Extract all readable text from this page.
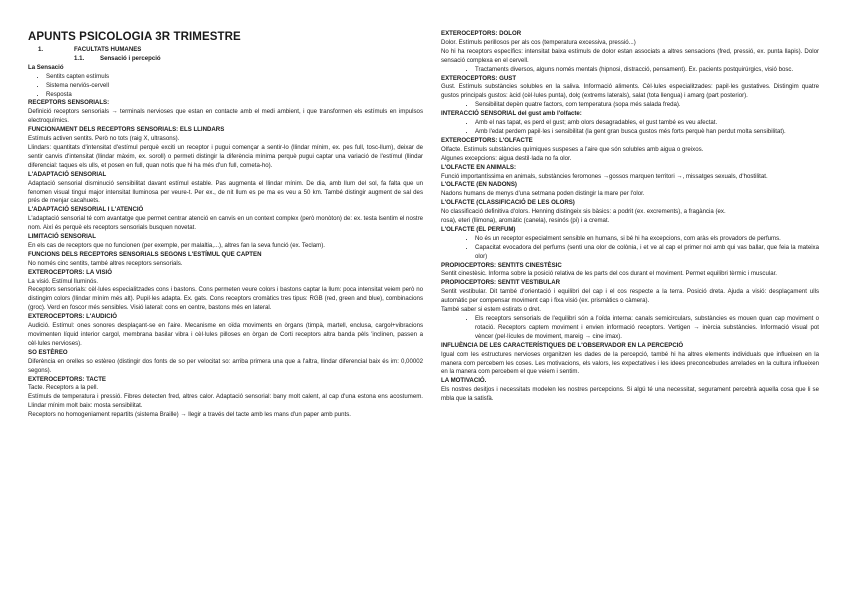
APUNTS PSICOLOGIA 3R TRIMESTRE
1.	FACULTATS HUMANES
1.1.	Sensació i percepció
La Sensació
• Sentits capten estímuls
• Sistema nerviós-cervell
• Resposta
RECEPTORS SENSORIALS:
Definició receptors sensorials → terminals nervioses que estan en contacte amb el medi ambient, i que transformen els estímuls en impulsos electroquímics.
FUNCIONAMENT DELS RECEPTORS SENSORIALS: ELS LLINDARS
Estímuls activen sentits. Però no tots (raig X, ultrasons).
Llindars: quantitats d'intensitat d'estímul perquè exciti un receptor i pugui començar a sentir-lo (llindar mínim, ex. pes full, tosc-llum), deixar de sentir canvis d'intensitat (llindar màxim, ex. soroll) o permeti distingir la diferència mínima perquè pugui captar una variació de l'estímul (llindar diferencial: taques els ulls, et posen en full, quan notis que hi ha més d'un full, cometa-ho).
L'ADAPTACIÓ SENSORIAL
Adaptació sensorial disminució sensibilitat davant estímul estable. Pas augmenta el llindar mínim. De dia, amb llum del sol, fa falta que un fenomen visual tingui major intensitat lluminosa per veure-t. Per ex., de nit llum es pe ma es veu a 50 km. També distingir augment de sal des prés de menjar cacahuets.
L'ADAPTACIÓ SENSORIAL I L'ATENCIÓ
L'adaptació sensorial té com avantatge que permet centrar atenció en canvis en un context complex (però monòton) de: ex. testa lsentim el nostre nom. Així és perquè els receptors sensorials busquen novetat.
LIMITACIÓ SENSORIAL
En els cas de receptors que no funcionen (per exemple, per malaltia,...), altres fan la seva funció (ex. Teclam).
FUNCIONS DELS RECEPTORS SENSORIALS SEGONS L'ESTÍMUL QUE CAPTEN
No només cinc sentits, també altres receptors sensorials.
EXTEROCEPTORS: LA VISIÓ
La visió. Estímul lluminós.
Receptors sensorials: cèl·lules especialitzades cons i bastons. Cons permeten veure colors i bastons captar la llum: poca intensitat veiem però no distingim colors (llindar mínim més alt). Pupil·les adapta. Ex. gats. Cons receptors cromàtics tres tipus: RGB (red, green and blue), combinacions (groc). Verd en foscor més sensibles. Visió lateral: cons en centre, bastons més en lateral.
EXTEROCEPTORS: L'AUDICIÓ
Audició. Estímul: ones sonores desplaçant-se en l'aire. Mecanisme en oïda moviments en òrgans (timpà, martell, enclusa, cargol+vibracions movimenten líquid interior cargol, membrana basilar vibra i cèl·lules pilloses en òrgan de Corti receptors altra banda pèls 'inclinen, passen a cèl·lules nervioses).
SO ESTÈREO
Diferència en orelles so estèreo (distingir dos fonts de so per velocitat so: arriba primera una que a l'altra, llindar diferencial baix és im: 0,00002 segons).
EXTEROCEPTORS: TACTE
Tacte. Receptors a la pell.
Estímuls de temperatura i pressió. Fibres detecten fred, altres calor. Adaptació sensorial: bany molt calent, al cap d'una estona ens acostumem. Llindar mínim molt baix: mosta sensibilitat.
Receptors no homogeniament repartits (sistema Braille) → llegir a través del tacte amb les mans d'un paper amb punts.
EXTEROCEPTORS: DOLOR
Dolor. Estímuls perillosos per als cos (temperatura excessiva, pressió...)
No hi ha receptors específics: intensitat baixa estímuls de dolor estan associats a altres sensacions (fred, pressió, ex. punta llapis). Dolor sensació complexa en el cervell.
• Tractaments diversos, alguns només mentals (hipnosi, distracció, pensament). Ex. pacients postquirúrgics, visió bosc.
EXTEROCEPTORS: GUST
Gust. Estímuls substàncies solubles en la saliva. Informació aliments. Cèl·lules especialitzades: papil·les gustatives. Distingim quatre gustos principals gustos: àcid (cèl·lules punta), dolç (extrems laterals), salat (tota llengua) i amarg (part posterior).
• Sensibilitat depèn quatre factors, com temperatura (sopa més salada freda).
INTERACCIÓ SENSORIAL del gust amb l'olfacte:
• Amb el nas tapat, es perd el gust; amb olors desagradables, el gust també es veu afectat.
• Amb l'edat perdem papil·les i sensibilitat (la gent gran busca gustos més forts perquè han perdut molta sensibilitat).
EXTEROCEPTORS: L'OLFACTE
Olfacte. Estímuls substàncies químiques suspeses a l'aire que són solubles amb aigua o greixos.
Algunes excepcions: aigua destil·lada no fa olor.
L'OLFACTE EN ANIMALS:
Funció importantíssima en animals, substàncies feromones →gossos marquen territori →, missatges sexuals, d'hostilitat.
L'OLFACTE (EN NADONS)
Nadons humans de menys d'una setmana poden distingir la mare per l'olor.
L'OLFACTE (CLASSIFICACIÓ DE LES OLORS)
No classificació definitiva d'olors. Henning distingeix sis bàsics: a podrit (ex. excrements), a fragància (ex.
rosa), eteri (llimona), aromàtic (canela), resinós (pi) i a cremat.
L'OLFACTE (EL PERFUM)
• No és un receptor especialment sensible en humans, si bé hi ha excepcions, com aràs els provadors de perfums.
• Capacitat evocadora del perfums (senti una olor de colònia, i et ve al cap el primer noi amb qui vas ballar, que feia la mateixa olor)
PROPIOCEPTORS: SENTITS CINESTÈSIC
Sentit cinestèsic. Informa sobre la posició relativa de les parts del cos durant el moviment. Permet equilibri tèrmic i muscular.
PROPIOCEPTORS: SENTIT VESTIBULAR
Sentit vestibular. Dit també d'orientació i equilibri del cap i el cos respecte a la terra. Posició dreta. Ajuda a visió: desplaçament ulls automàtic per compensar moviment cap i fixa visió (ex. prismàtics o càmera).
També saber si estem estirats o dret.
• Els receptors sensorials de l'equilibri són a l'oïda interna: canals semicirculars, substàncies es mouen quan cap moviment o rotació. Receptors captem moviment i envien informació receptors. Vertigen → inèrcia substàncies. Informació visual pot vèncer (pel·lícules de moviment, mareig → cine imax).
INFLUÈNCIA DE LES CARACTERÍSTIQUES DE L'OBSERVADOR EN LA PERCEPCIÓ
Igual com les estructures nervioses organitzen les dades de la percepció, també hi ha altres elements individuals que influeixen en la manera com percebem les coses. Les motivacions, els valors, les expectatives i les idees preconcebudes arrelades en la cultura influeixen en la manera com percebem el que veiem i sentim.
LA MOTIVACIÓ.
Els nostres desitjos i necessitats modelen les nostres percepcions. Si algú té una necessitat, segurament percebrà aquella cosa que li se mbla que la satisfà.
